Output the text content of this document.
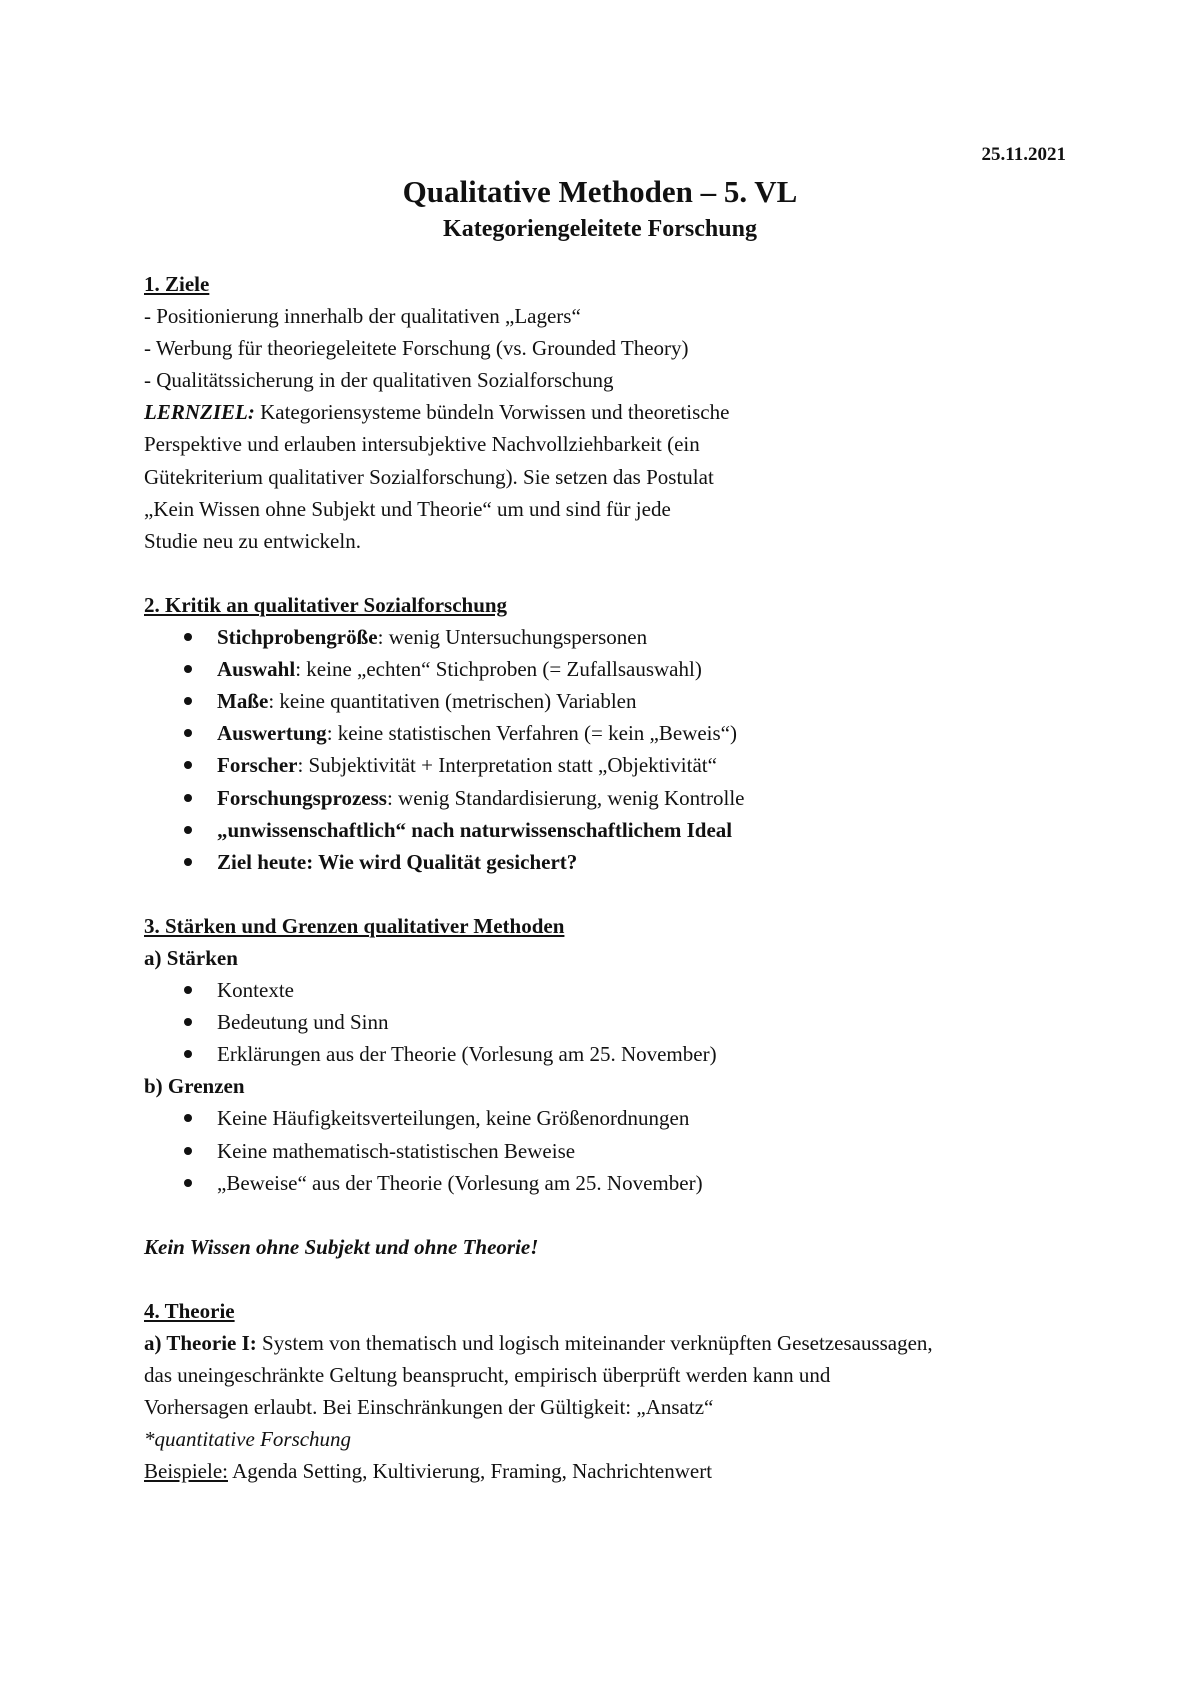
25.11.2021
Qualitative Methoden – 5. VL
Kategoriengeleitete Forschung
1. Ziele
- Positionierung innerhalb der qualitativen „Lagers“
- Werbung für theoriegeleitete Forschung (vs. Grounded Theory)
- Qualitätssicherung in der qualitativen Sozialforschung
LERNZIEL: Kategoriensysteme bündeln Vorwissen und theoretische
Perspektive und erlauben intersubjektive Nachvollziehbarkeit (ein
Gütekriterium qualitativer Sozialforschung). Sie setzen das Postulat
„Kein Wissen ohne Subjekt und Theorie“ um und sind für jede
Studie neu zu entwickeln.
2. Kritik an qualitativer Sozialforschung
Stichprobengröße: wenig Untersuchungspersonen
Auswahl: keine „echten“ Stichproben (= Zufallsauswahl)
Maße: keine quantitativen (metrischen) Variablen
Auswertung: keine statistischen Verfahren (= kein „Beweis“)
Forscher: Subjektivität + Interpretation statt „Objektivität“
Forschungsprozess: wenig Standardisierung, wenig Kontrolle
„unwissenschaftlich“ nach naturwissenschaftlichem Ideal
Ziel heute: Wie wird Qualität gesichert?
3. Stärken und Grenzen qualitativer Methoden
a) Stärken
Kontexte
Bedeutung und Sinn
Erklärungen aus der Theorie (Vorlesung am 25. November)
b) Grenzen
Keine Häufigkeitsverteilungen, keine Größenordnungen
Keine mathematisch-statistischen Beweise
„Beweise“ aus der Theorie (Vorlesung am 25. November)
Kein Wissen ohne Subjekt und ohne Theorie!
4. Theorie
a) Theorie I: System von thematisch und logisch miteinander verknüpften Gesetzesaussagen,
das uneingeschränkte Geltung beansprucht, empirisch überprüft werden kann und
Vorhersagen erlaubt. Bei Einschränkungen der Gültigkeit: „Ansatz“
*quantitative Forschung
Beispiele: Agenda Setting, Kultivierung, Framing, Nachrichtenwert
